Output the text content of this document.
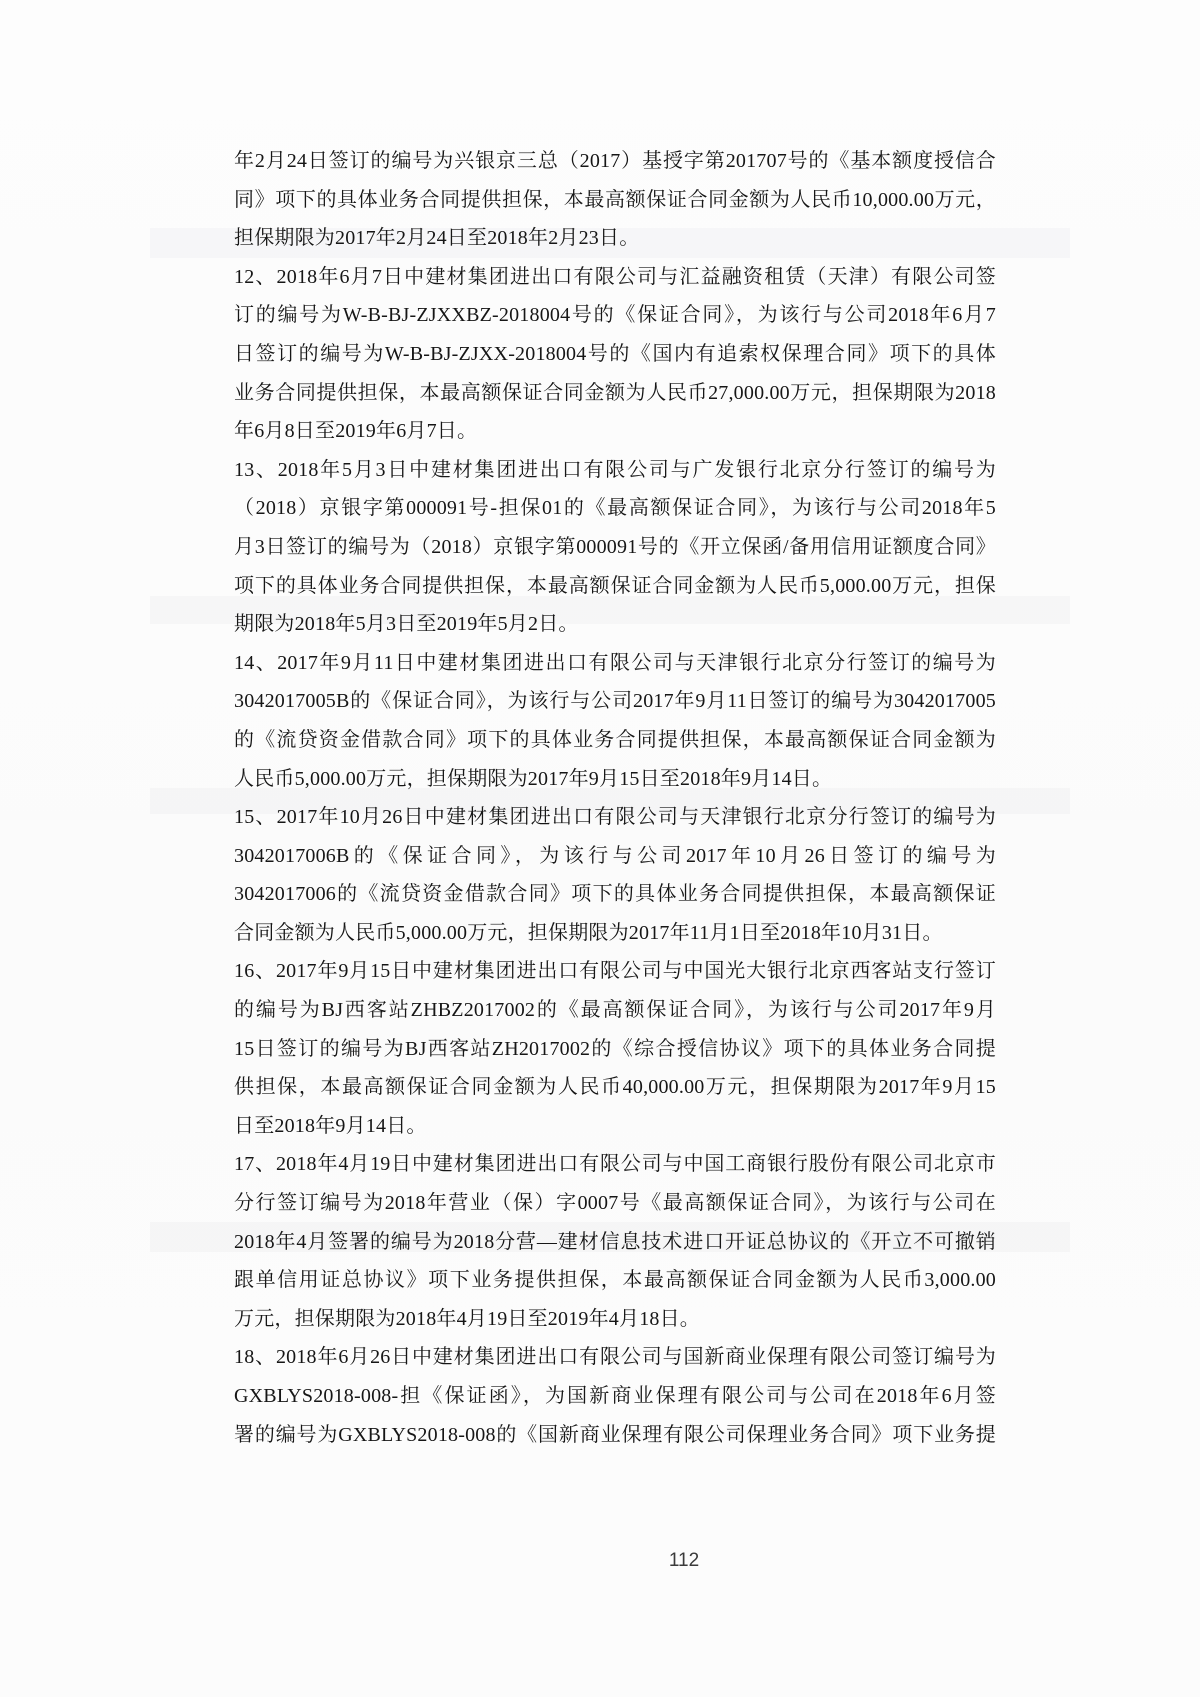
年2月24日签订的编号为兴银京三总（2017）基授字第201707号的《基本额度授信合
同》项下的具体业务合同提供担保，本最高额保证合同金额为人民币10,000.00万元，
担保期限为2017年2月24日至2018年2月23日。
12、2018年6月7日中建材集团进出口有限公司与汇益融资租赁（天津）有限公司签
订的编号为W-B-BJ-ZJXXBZ-2018004号的《保证合同》，为该行与公司2018年6月7
日签订的编号为W-B-BJ-ZJXX-2018004号的《国内有追索权保理合同》项下的具体
业务合同提供担保，本最高额保证合同金额为人民币27,000.00万元，担保期限为2018
年6月8日至2019年6月7日。
13、2018年5月3日中建材集团进出口有限公司与广发银行北京分行签订的编号为
（2018）京银字第000091号-担保01的《最高额保证合同》，为该行与公司2018年5
月3日签订的编号为（2018）京银字第000091号的《开立保函/备用信用证额度合同》
项下的具体业务合同提供担保，本最高额保证合同金额为人民币5,000.00万元，担保
期限为2018年5月3日至2019年5月2日。
14、2017年9月11日中建材集团进出口有限公司与天津银行北京分行签订的编号为
3042017005B的《保证合同》，为该行与公司2017年9月11日签订的编号为3042017005
的《流贷资金借款合同》项下的具体业务合同提供担保，本最高额保证合同金额为
人民币5,000.00万元，担保期限为2017年9月15日至2018年9月14日。
15、2017年10月26日中建材集团进出口有限公司与天津银行北京分行签订的编号为
3042017006B的《保证合同》，为该行与公司2017年10月26日签订的编号为
3042017006的《流贷资金借款合同》项下的具体业务合同提供担保，本最高额保证
合同金额为人民币5,000.00万元，担保期限为2017年11月1日至2018年10月31日。
16、2017年9月15日中建材集团进出口有限公司与中国光大银行北京西客站支行签订
的编号为BJ西客站ZHBZ2017002的《最高额保证合同》，为该行与公司2017年9月
15日签订的编号为BJ西客站ZH2017002的《综合授信协议》项下的具体业务合同提
供担保，本最高额保证合同金额为人民币40,000.00万元，担保期限为2017年9月15
日至2018年9月14日。
17、2018年4月19日中建材集团进出口有限公司与中国工商银行股份有限公司北京市
分行签订编号为2018年营业（保）字0007号《最高额保证合同》，为该行与公司在
2018年4月签署的编号为2018分营—建材信息技术进口开证总协议的《开立不可撤销
跟单信用证总协议》项下业务提供担保，本最高额保证合同金额为人民币3,000.00
万元，担保期限为2018年4月19日至2019年4月18日。
18、2018年6月26日中建材集团进出口有限公司与国新商业保理有限公司签订编号为
GXBLYS2018-008-担《保证函》，为国新商业保理有限公司与公司在2018年6月签
署的编号为GXBLYS2018-008的《国新商业保理有限公司保理业务合同》项下业务提
112
